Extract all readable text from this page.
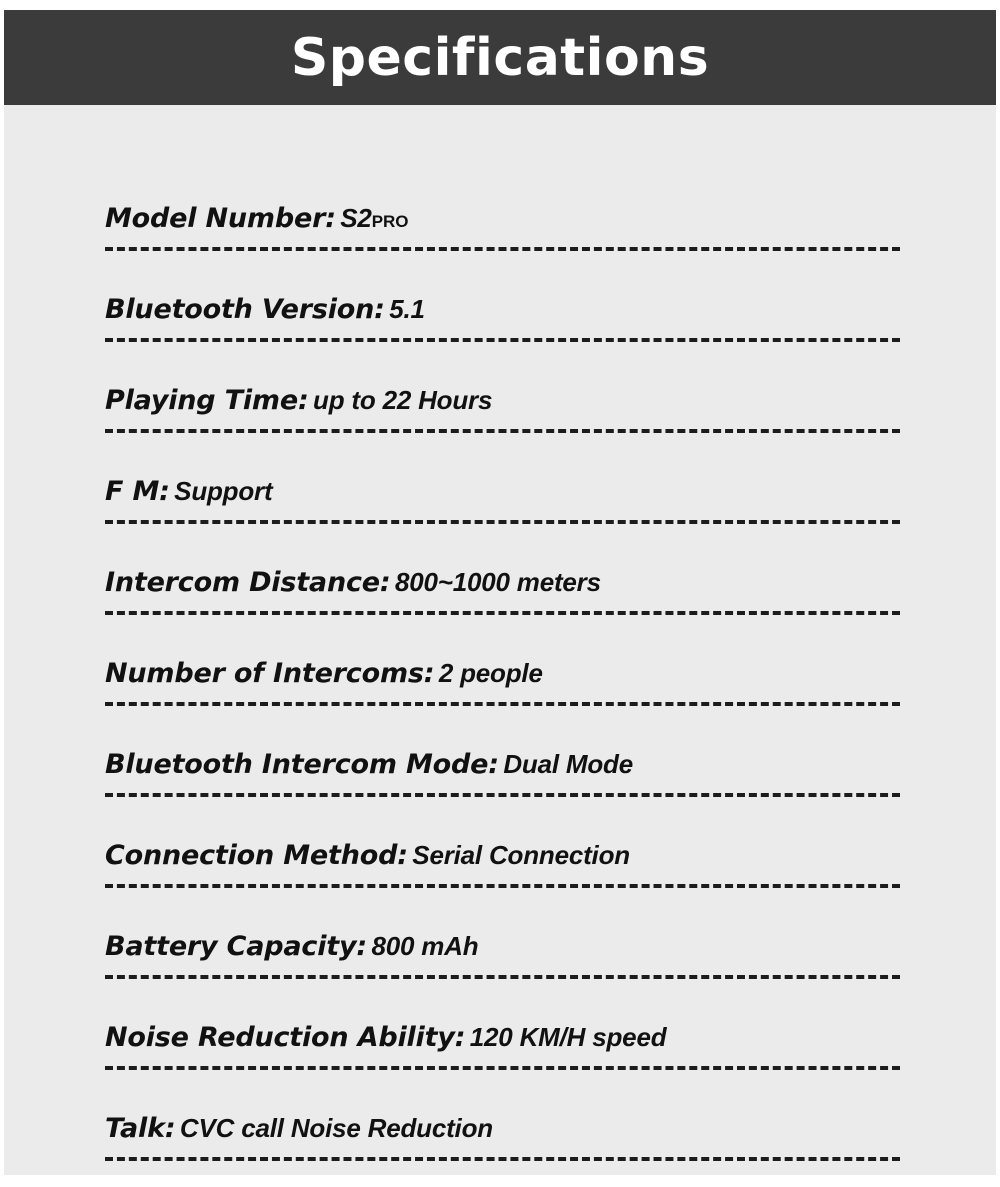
Specifications
Model Number: S2PRO
Bluetooth Version: 5.1
Playing Time: up to 22 Hours
F M: Support
Intercom Distance: 800~1000 meters
Number of Intercoms: 2 people
Bluetooth Intercom Mode: Dual Mode
Connection Method: Serial Connection
Battery Capacity: 800 mAh
Noise Reduction Ability: 120 KM/H speed
Talk: CVC call Noise Reduction
